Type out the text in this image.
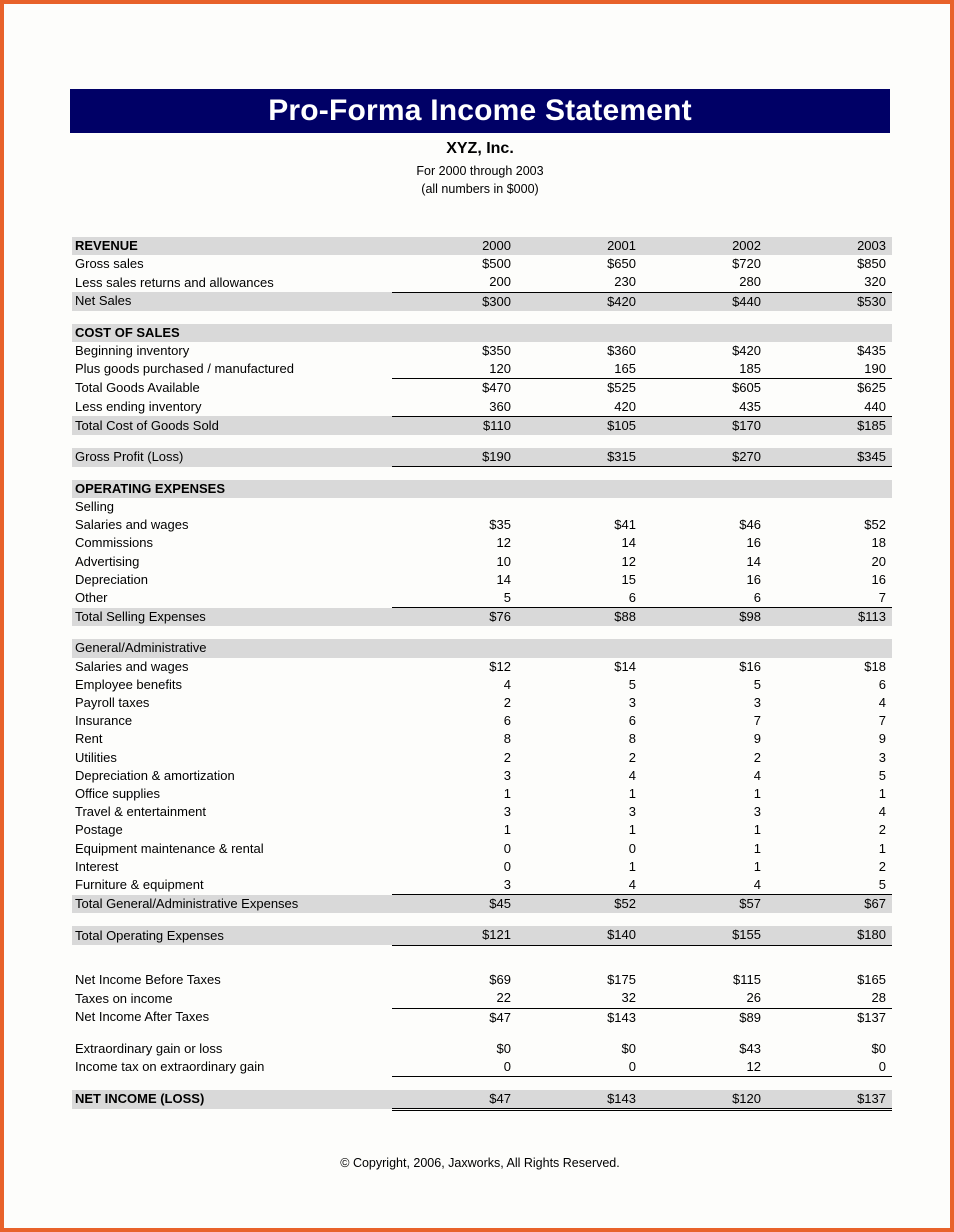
Pro-Forma Income Statement
XYZ, Inc.
For 2000 through 2003
(all numbers in $000)
REVENUE	2000	2001	2002	2003
Gross sales	$500	$650	$720	$850
Less sales returns and allowances	200	230	280	320
Net Sales	$300	$420	$440	$530

COST OF SALES				
Beginning inventory	$350	$360	$420	$435
Plus goods purchased / manufactured	120	165	185	190
Total Goods Available	$470	$525	$605	$625
Less ending inventory	360	420	435	440
Total Cost of Goods Sold	$110	$105	$170	$185

Gross Profit (Loss)	$190	$315	$270	$345

OPERATING EXPENSES				
Selling				
Salaries and wages	$35	$41	$46	$52
Commissions	12	14	16	18
Advertising	10	12	14	20
Depreciation	14	15	16	16
Other	5	6	6	7
Total Selling Expenses	$76	$88	$98	$113

General/Administrative				
Salaries and wages	$12	$14	$16	$18
Employee benefits	4	5	5	6
Payroll taxes	2	3	3	4
Insurance	6	6	7	7
Rent	8	8	9	9
Utilities	2	2	2	3
Depreciation & amortization	3	4	4	5
Office supplies	1	1	1	1
Travel & entertainment	3	3	3	4
Postage	1	1	1	2
Equipment maintenance & rental	0	0	1	1
Interest	0	1	1	2
Furniture & equipment	3	4	4	5
Total General/Administrative Expenses	$45	$52	$57	$67

Total Operating Expenses	$121	$140	$155	$180

Net Income Before Taxes	$69	$175	$115	$165
Taxes on income	22	32	26	28
Net Income After Taxes	$47	$143	$89	$137

Extraordinary gain or loss	$0	$0	$43	$0
Income tax on extraordinary gain	0	0	12	0

NET INCOME (LOSS)	$47	$143	$120	$137
© Copyright, 2006, Jaxworks, All Rights Reserved.
